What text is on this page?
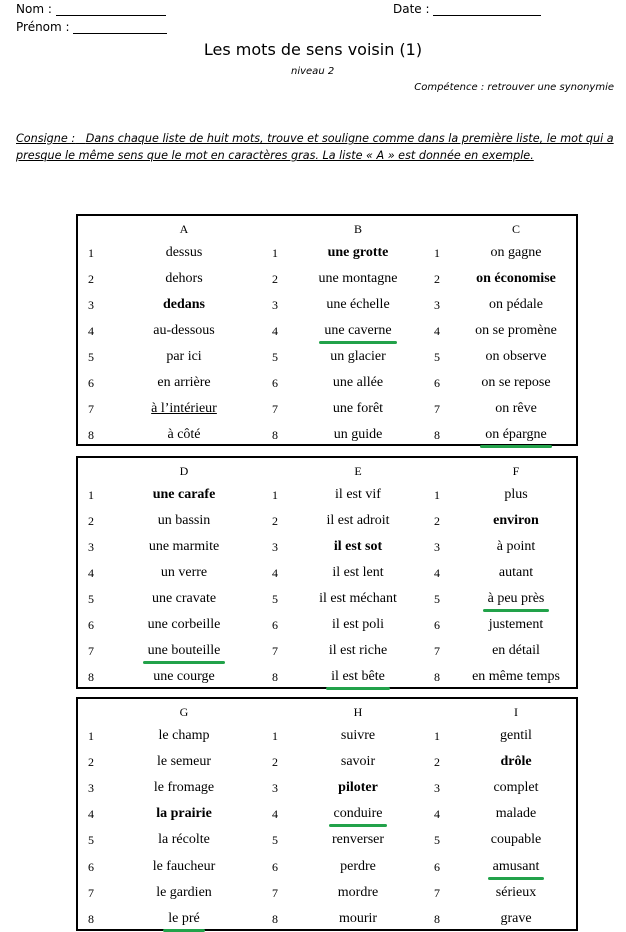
Nom :
Prénom :
Date :
Les mots de sens voisin (1)
niveau 2
Compétence : retrouver une synonymie
Consigne : Dans chaque liste de huit mots, trouve et souligne comme dans la première liste, le mot qui a presque le même sens que le mot en caractères gras. La liste « A » est donnée en exemple.
A	B	C
1	dessus	1	une grotte	1	on gagne
2	dehors	2	une montagne	2	on économise
3	dedans	3	une échelle	3	on pédale
4	au-dessous	4	une caverne	4	on se promène
5	par ici	5	un glacier	5	on observe
6	en arrière	6	une allée	6	on se repose
7	à l’intérieur	7	une forêt	7	on rêve
8	à côté	8	un guide	8	on épargne
D	E	F
1	une carafe	1	il est vif	1	plus
2	un bassin	2	il est adroit	2	environ
3	une marmite	3	il est sot	3	à point
4	un verre	4	il est lent	4	autant
5	une cravate	5	il est méchant	5	à peu près
6	une corbeille	6	il est poli	6	justement
7	une bouteille	7	il est riche	7	en détail
8	une courge	8	il est bête	8	en même temps
G	H	I
1	le champ	1	suivre	1	gentil
2	le semeur	2	savoir	2	drôle
3	le fromage	3	piloter	3	complet
4	la prairie	4	conduire	4	malade
5	la récolte	5	renverser	5	coupable
6	le faucheur	6	perdre	6	amusant
7	le gardien	7	mordre	7	sérieux
8	le pré	8	mourir	8	grave
